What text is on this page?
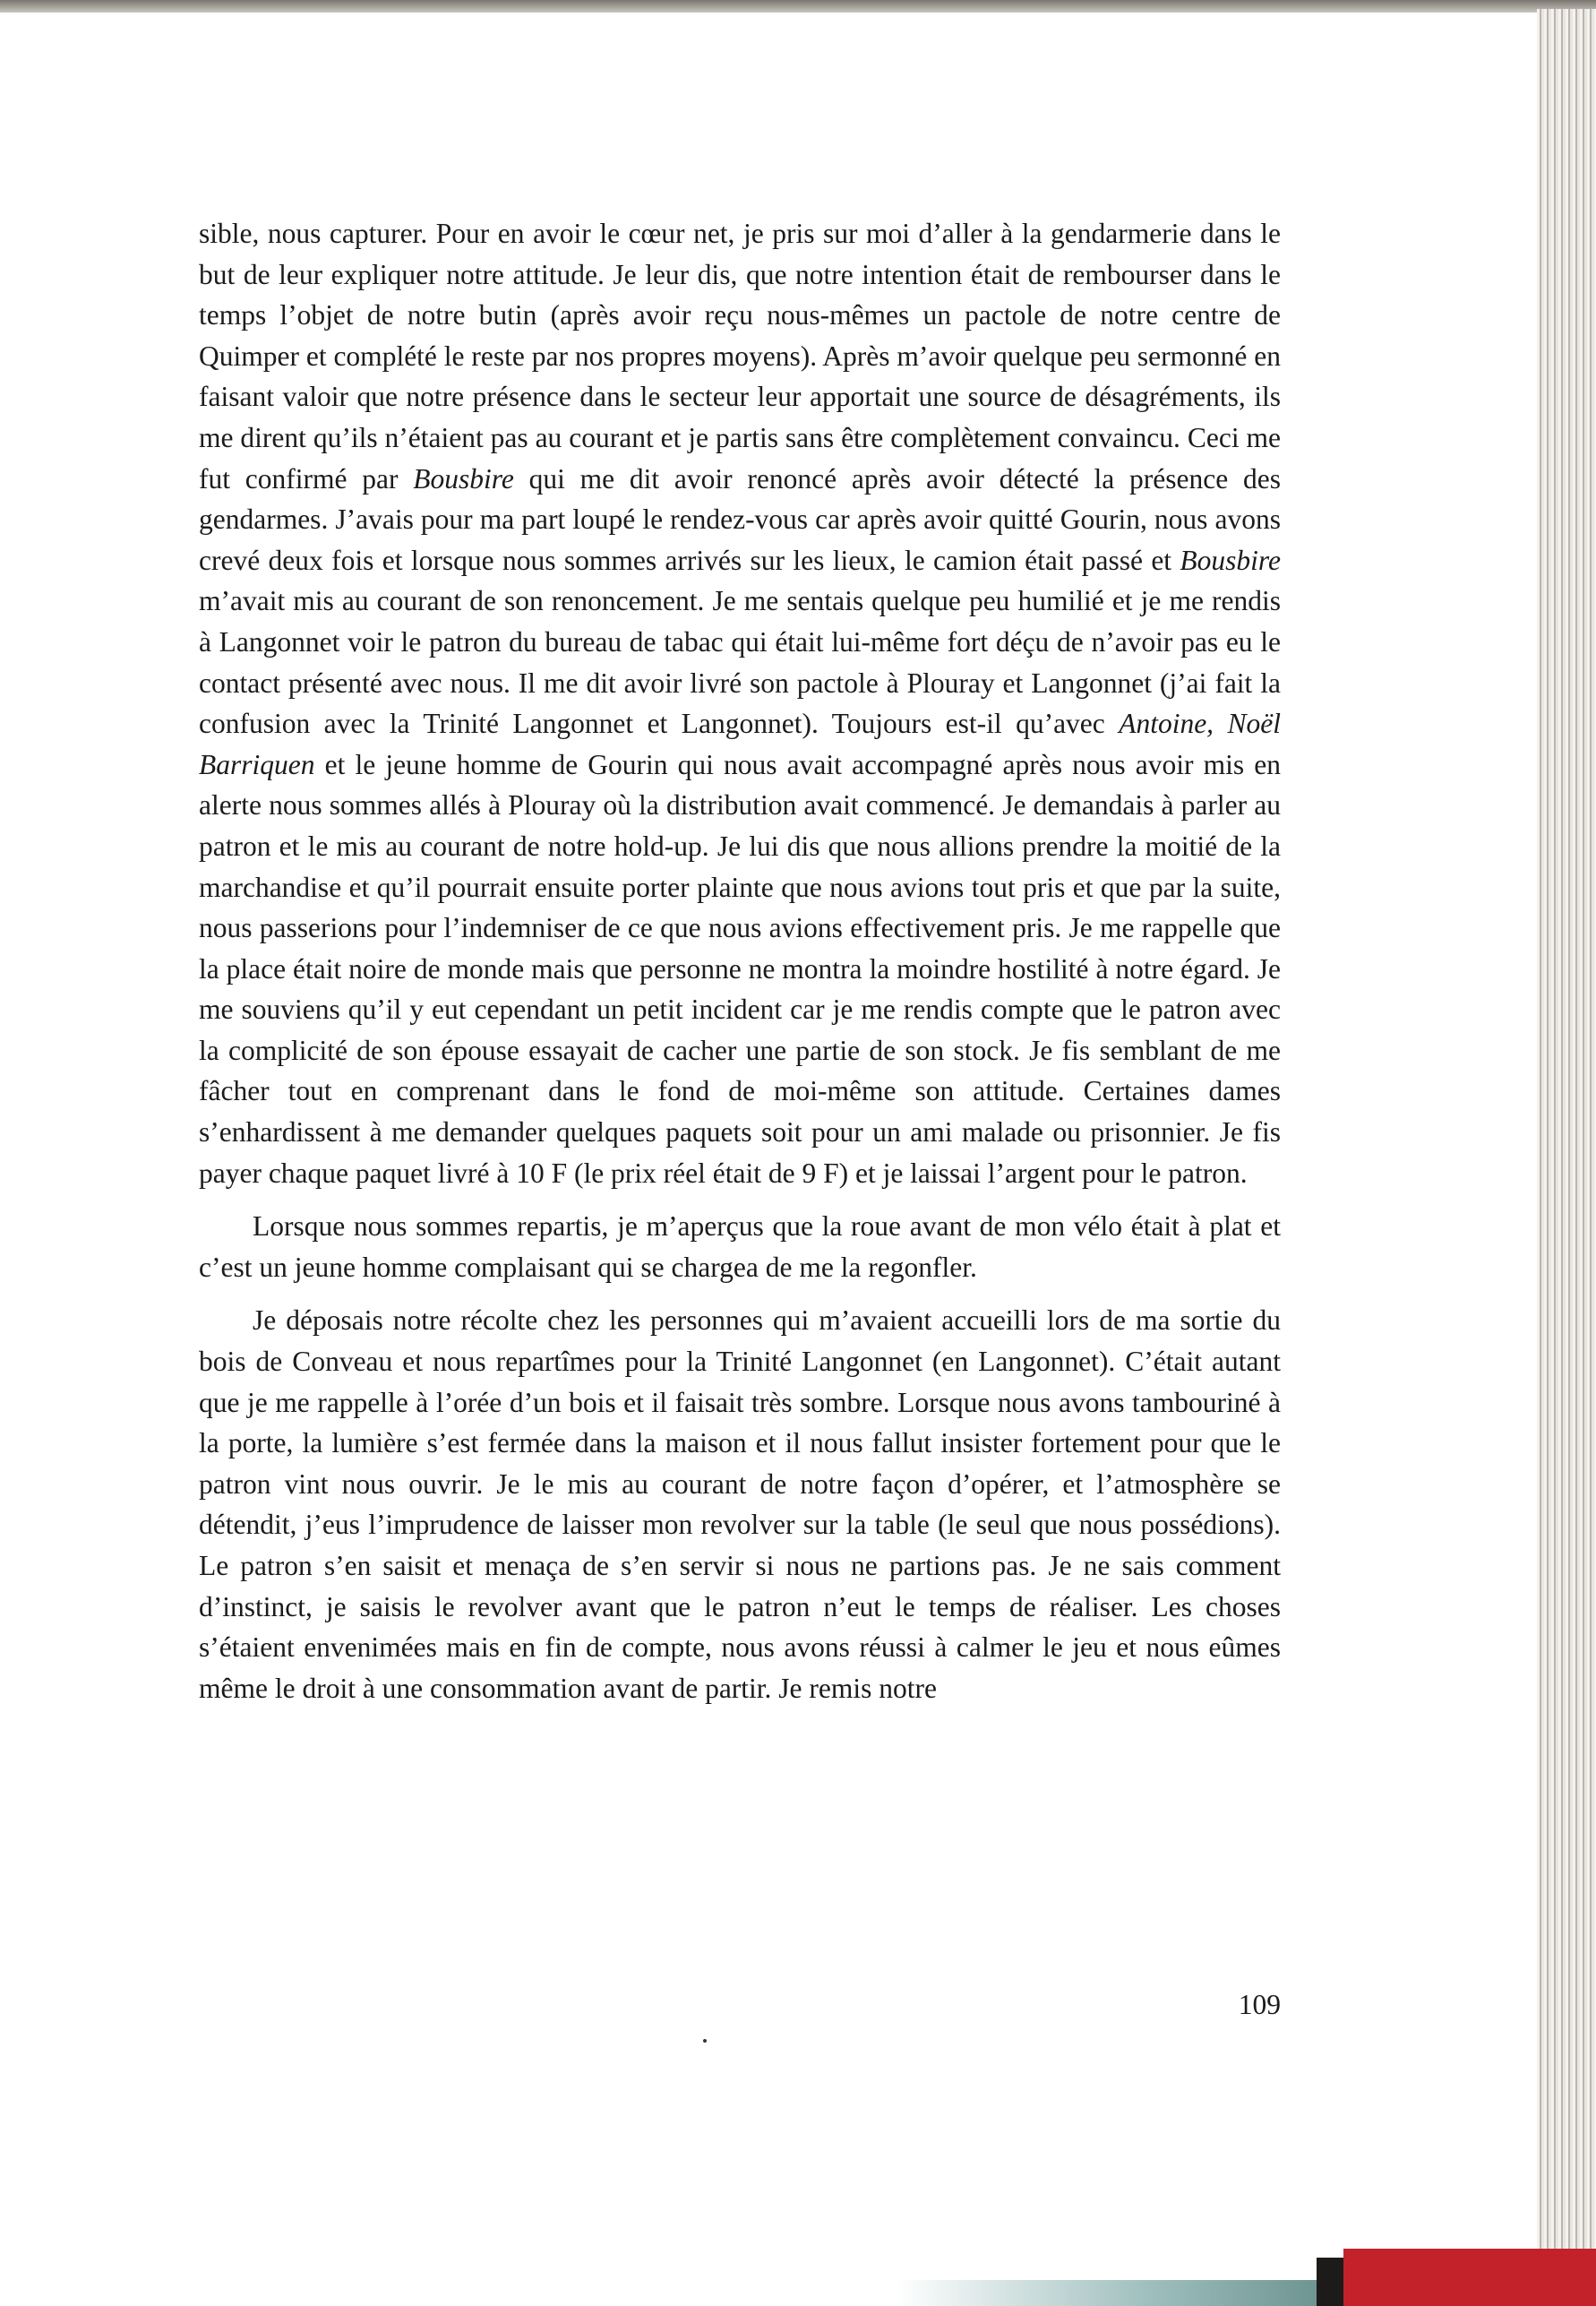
sible, nous capturer. Pour en avoir le cœur net, je pris sur moi d’aller à la gendarmerie dans le but de leur expliquer notre attitude. Je leur dis, que notre intention était de rembourser dans le temps l’objet de notre butin (après avoir reçu nous-mêmes un pactole de notre centre de Quimper et complété le reste par nos propres moyens). Après m’avoir quelque peu sermonné en faisant valoir que notre présence dans le secteur leur apportait une source de désagréments, ils me dirent qu’ils n’étaient pas au courant et je partis sans être complètement convaincu. Ceci me fut confirmé par Bousbire qui me dit avoir renoncé après avoir détecté la présence des gendarmes. J’avais pour ma part loupé le rendez-vous car après avoir quitté Gourin, nous avons crevé deux fois et lorsque nous sommes arrivés sur les lieux, le camion était passé et Bousbire m’avait mis au courant de son renoncement. Je me sentais quelque peu humilié et je me rendis à Langonnet voir le patron du bureau de tabac qui était lui-même fort déçu de n’avoir pas eu le contact présenté avec nous. Il me dit avoir livré son pactole à Plouray et Langonnet (j’ai fait la confusion avec la Trinité Langonnet et Langonnet). Toujours est-il qu’avec Antoine, Noël Barriquen et le jeune homme de Gourin qui nous avait accompagné après nous avoir mis en alerte nous sommes allés à Plouray où la distribution avait commencé. Je demandais à parler au patron et le mis au courant de notre hold-up. Je lui dis que nous allions prendre la moitié de la marchandise et qu’il pourrait ensuite porter plainte que nous avions tout pris et que par la suite, nous passerions pour l’indemniser de ce que nous avions effectivement pris. Je me rappelle que la place était noire de monde mais que personne ne montra la moindre hostilité à notre égard. Je me souviens qu’il y eut cependant un petit incident car je me rendis compte que le patron avec la complicité de son épouse essayait de cacher une partie de son stock. Je fis semblant de me fâcher tout en comprenant dans le fond de moi-même son attitude. Certaines dames s’enhardissent à me demander quelques paquets soit pour un ami malade ou prisonnier. Je fis payer chaque paquet livré à 10 F (le prix réel était de 9 F) et je laissai l’argent pour le patron.

Lorsque nous sommes repartis, je m’aperçus que la roue avant de mon vélo était à plat et c’est un jeune homme complaisant qui se chargea de me la regonfler.

Je déposais notre récolte chez les personnes qui m’avaient accueilli lors de ma sortie du bois de Conveau et nous repartîmes pour la Trinité Langonnet (en Langonnet). C’était autant que je me rappelle à l’orée d’un bois et il faisait très sombre. Lorsque nous avons tambouriné à la porte, la lumière s’est fermée dans la maison et il nous fallut insister fortement pour que le patron vint nous ouvrir. Je le mis au courant de notre façon d’opérer, et l’atmosphère se détendit, j’eus l’imprudence de laisser mon revolver sur la table (le seul que nous possédions). Le patron s’en saisit et menaça de s’en servir si nous ne partions pas. Je ne sais comment d’instinct, je saisis le revolver avant que le patron n’eut le temps de réaliser. Les choses s’étaient envenimées mais en fin de compte, nous avons réussi à calmer le jeu et nous eûmes même le droit à une consommation avant de partir. Je remis notre

109
